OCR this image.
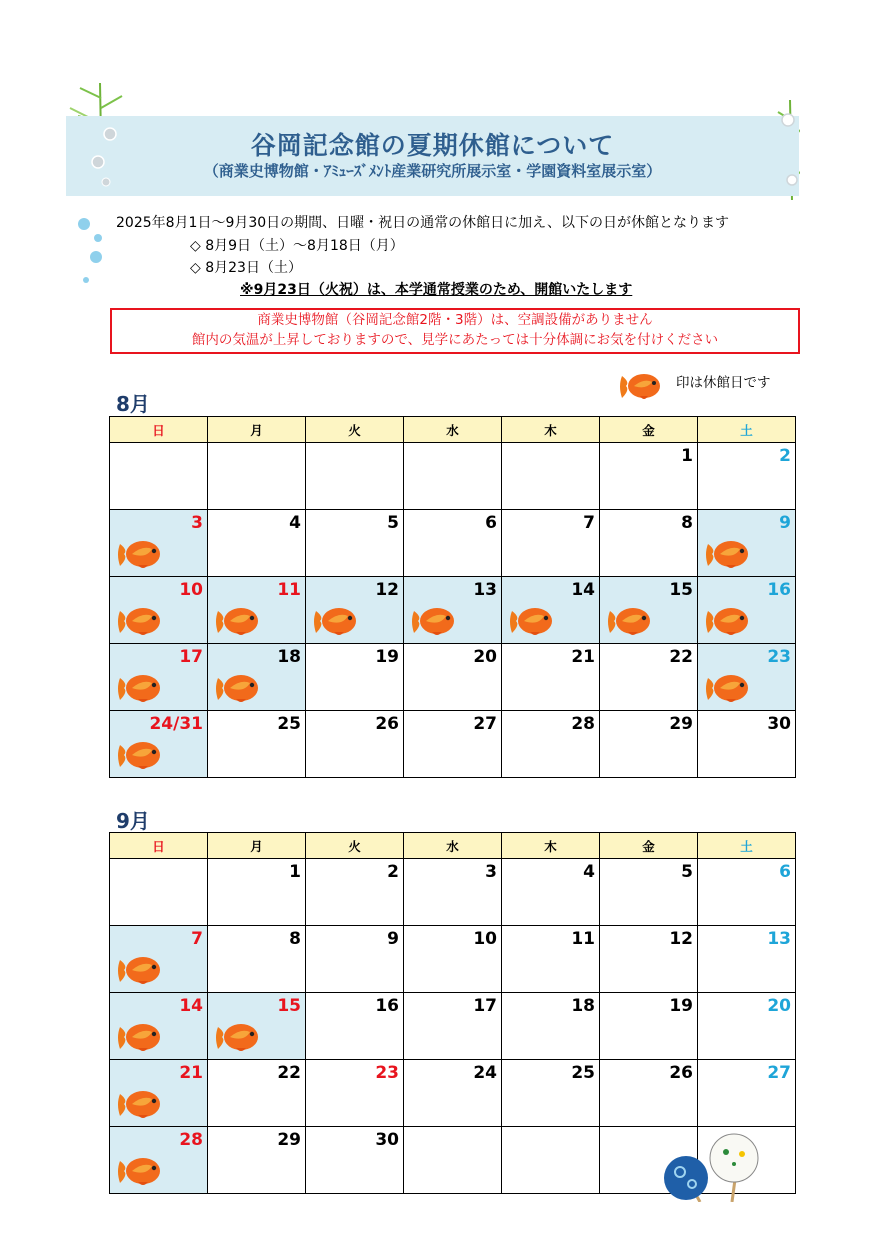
谷岡記念館の夏期休館について
（商業史博物館・ｱﾐｭｰｽﾞﾒﾝﾄ産業研究所展示室・学園資料室展示室）
2025年8月1日～9月30日の期間、日曜・祝日の通常の休館日に加え、以下の日が休館となります
◇ 8月9日（土）～8月18日（月）
◇ 8月23日（土）
※9月23日（火祝）は、本学通常授業のため、開館いたします
商業史博物館（谷岡記念館2階・3階）は、空調設備がありません
館内の気温が上昇しておりますので、見学にあたっては十分体調にお気を付けください
印は休館日です
8月
日	月	火	水	木	金	土

					1	2

3	4	5	6	7	8	9

10	11	12	13	14	15	16

17	18	19	20	21	22	23

24/31	25	26	27	28	29	30
9月
日	月	火	水	木	金	土

	1	2	3	4	5	6

7	8	9	10	11	12	13

14	15	16	17	18	19	20

21	22	23	24	25	26	27

28	29	30				
